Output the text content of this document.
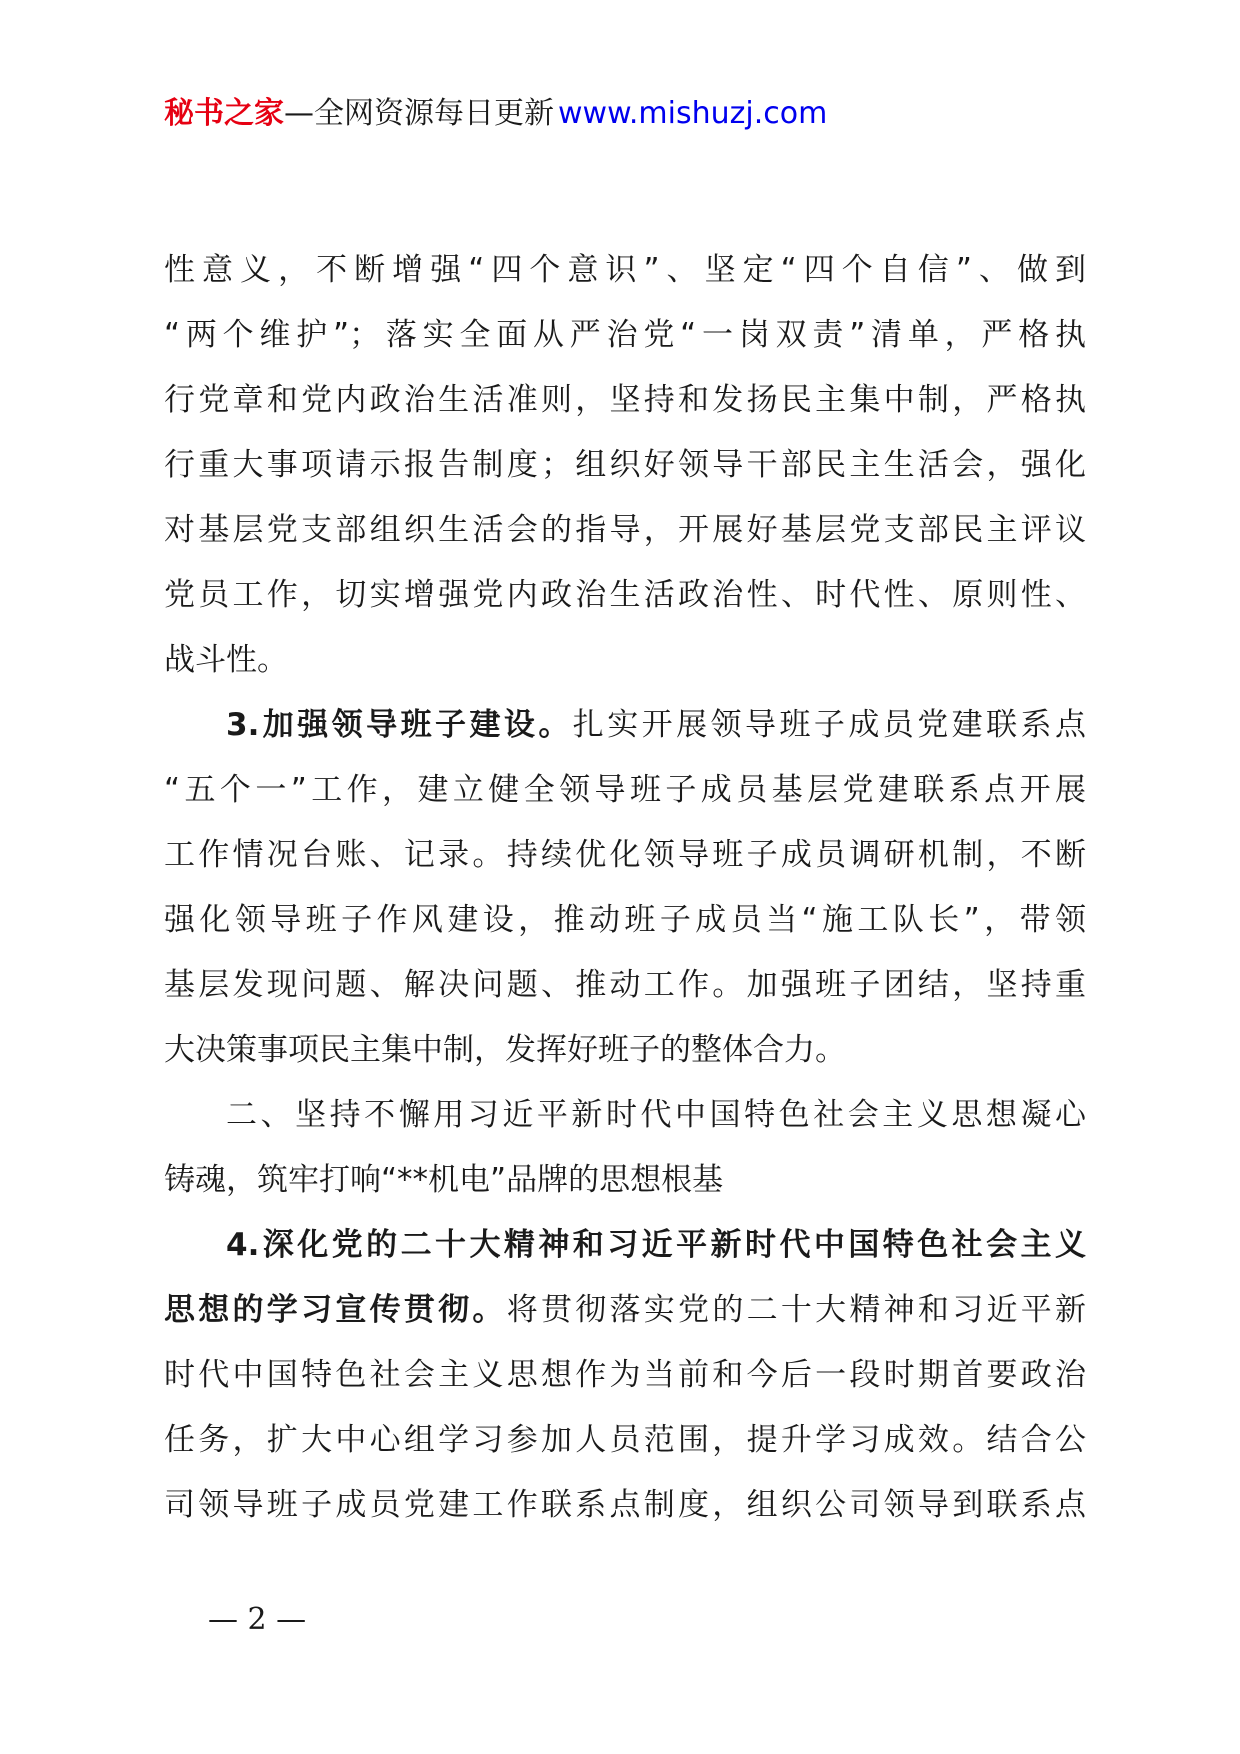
秘书之家—全网资源每日更新 www.mishuzj.com
性意义，不断增强“四个意识”、坚定“四个自信”、做到
“两个维护”；落实全面从严治党“一岗双责”清单，严格执
行党章和党内政治生活准则，坚持和发扬民主集中制，严格执
行重大事项请示报告制度；组织好领导干部民主生活会，强化
对基层党支部组织生活会的指导，开展好基层党支部民主评议
党员工作，切实增强党内政治生活政治性、时代性、原则性、
战斗性。
3.加强领导班子建设。扎实开展领导班子成员党建联系点
“五个一”工作，建立健全领导班子成员基层党建联系点开展
工作情况台账、记录。持续优化领导班子成员调研机制，不断
强化领导班子作风建设，推动班子成员当“施工队长”，带领
基层发现问题、解决问题、推动工作。加强班子团结，坚持重
大决策事项民主集中制，发挥好班子的整体合力。
二、坚持不懈用习近平新时代中国特色社会主义思想凝心
铸魂，筑牢打响“**机电”品牌的思想根基
4.深化党的二十大精神和习近平新时代中国特色社会主义
思想的学习宣传贯彻。将贯彻落实党的二十大精神和习近平新
时代中国特色社会主义思想作为当前和今后一段时期首要政治
任务，扩大中心组学习参加人员范围，提升学习成效。结合公
司领导班子成员党建工作联系点制度，组织公司领导到联系点
— 2 —
